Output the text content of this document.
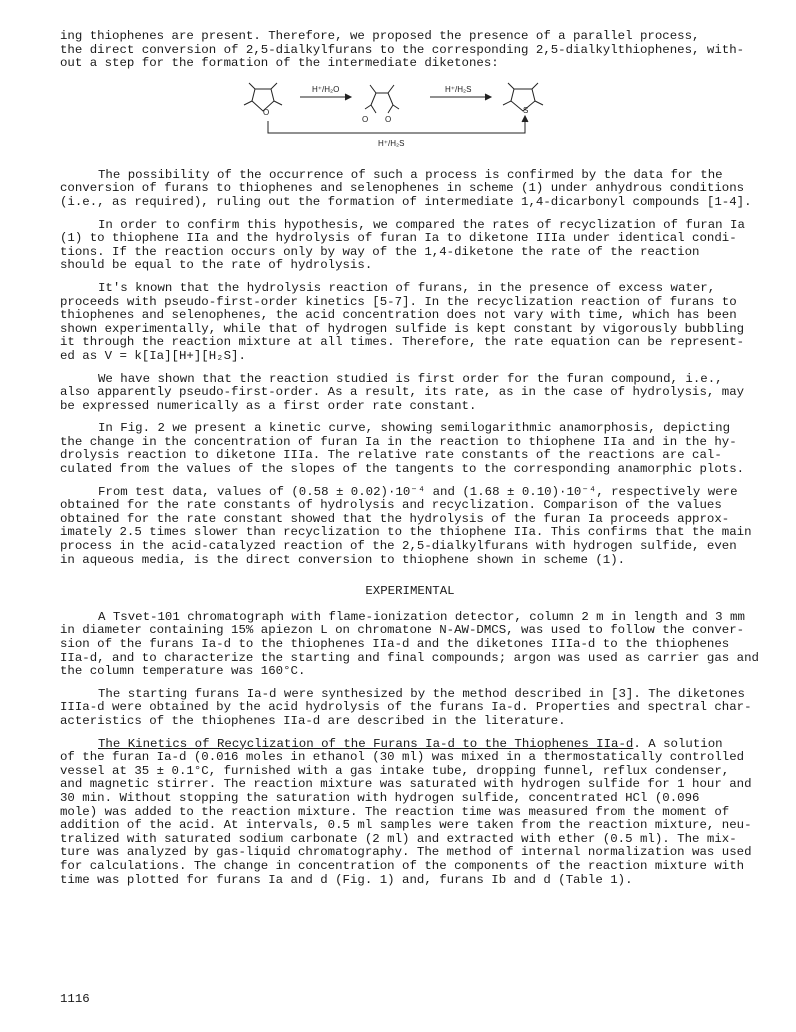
ing thiophenes are present. Therefore, we proposed the presence of a parallel process,
the direct conversion of 2,5-dialkylfurans to the corresponding 2,5-dialkylthiophenes, with-
out a step for the formation of the intermediate diketones:

O
O O
S
H⁺/H₂O	H⁺/H₂S
H⁺/H₂S

The possibility of the occurrence of such a process is confirmed by the data for the
conversion of furans to thiophenes and selenophenes in scheme (1) under anhydrous conditions
(i.e., as required), ruling out the formation of intermediate 1,4-dicarbonyl compounds [1-4].

In order to confirm this hypothesis, we compared the rates of recyclization of furan Ia
(1) to thiophene IIa and the hydrolysis of furan Ia to diketone IIIa under identical condi-
tions. If the reaction occurs only by way of the 1,4-diketone the rate of the reaction
should be equal to the rate of hydrolysis.

It's known that the hydrolysis reaction of furans, in the presence of excess water,
proceeds with pseudo-first-order kinetics [5-7]. In the recyclization reaction of furans to
thiophenes and selenophenes, the acid concentration does not vary with time, which has been
shown experimentally, while that of hydrogen sulfide is kept constant by vigorously bubbling
it through the reaction mixture at all times. Therefore, the rate equation can be represent-
ed as V = k[Ia][H+][H₂S].

We have shown that the reaction studied is first order for the furan compound, i.e.,
also apparently pseudo-first-order. As a result, its rate, as in the case of hydrolysis, may
be expressed numerically as a first order rate constant.

In Fig. 2 we present a kinetic curve, showing semilogarithmic anamorphosis, depicting
the change in the concentration of furan Ia in the reaction to thiophene IIa and in the hy-
drolysis reaction to diketone IIIa. The relative rate constants of the reactions are cal-
culated from the values of the slopes of the tangents to the corresponding anamorphic plots.

From test data, values of (0.58 ± 0.02)·10⁻⁴ and (1.68 ± 0.10)·10⁻⁴, respectively were
obtained for the rate constants of hydrolysis and recyclization. Comparison of the values
obtained for the rate constant showed that the hydrolysis of the furan Ia proceeds approx-
imately 2.5 times slower than recyclization to the thiophene IIa. This confirms that the main
process in the acid-catalyzed reaction of the 2,5-dialkylfurans with hydrogen sulfide, even
in aqueous media, is the direct conversion to thiophene shown in scheme (1).

EXPERIMENTAL

A Tsvet-101 chromatograph with flame-ionization detector, column 2 m in length and 3 mm
in diameter containing 15% apiezon L on chromatone N-AW-DMCS, was used to follow the conver-
sion of the furans Ia-d to the thiophenes IIa-d and the diketones IIIa-d to the thiophenes
IIa-d, and to characterize the starting and final compounds; argon was used as carrier gas and
the column temperature was 160°C.

The starting furans Ia-d were synthesized by the method described in [3]. The diketones
IIIa-d were obtained by the acid hydrolysis of the furans Ia-d. Properties and spectral char-
acteristics of the thiophenes IIa-d are described in the literature.

The Kinetics of Recyclization of the Furans Ia-d to the Thiophenes IIa-d. A solution
of the furan Ia-d (0.016 moles in ethanol (30 ml) was mixed in a thermostatically controlled
vessel at 35 ± 0.1°C, furnished with a gas intake tube, dropping funnel, reflux condenser,
and magnetic stirrer. The reaction mixture was saturated with hydrogen sulfide for 1 hour and
30 min. Without stopping the saturation with hydrogen sulfide, concentrated HCl (0.096
mole) was added to the reaction mixture. The reaction time was measured from the moment of
addition of the acid. At intervals, 0.5 ml samples were taken from the reaction mixture, neu-
tralized with saturated sodium carbonate (2 ml) and extracted with ether (0.5 ml). The mix-
ture was analyzed by gas-liquid chromatography. The method of internal normalization was used
for calculations. The change in concentration of the components of the reaction mixture with
time was plotted for furans Ia and d (Fig. 1) and, furans Ib and d (Table 1).

1116
